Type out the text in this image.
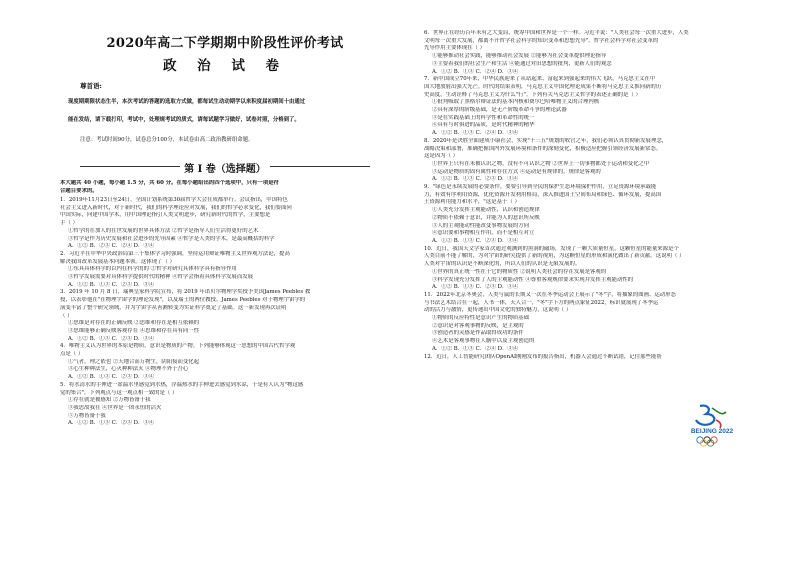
2020年高二下学期期中阶段性评价考试
政 治 试 卷
尊首语:
现度期期限状态生半，本次考试的答题的选取方式做，都每试生动动期学以来积度届初期间十由通过
能在发结，请下载打印，考试中，处理规考试的质式，请每试题学习做好，试卷对照，分格到了。
注意：考试时间90分，试卷总分100分，本试卷由高二政治教研组命题。
第 Ⅰ 卷（选择题）
本大题共 40 小题，每小题 1.5 分，共 60 分。在每小题给出的四个选项中，只有一项是符
合题目要求的。
1．2019年11月23日至24日，全国计划系统第30届哲学大会在成都举行。会议指出，中国特色
社会主义进入新时代，对于新时代，我们的科学理论应对发展，我们的哲学必求变化，我们要面向
中国实际，向建中国学术，用中国理论指引人类文明进步，研究新时代的哲学，主要想是
手（ ）
①哲学的在加人的在世发展的世界具体方法 ②哲学是指导人们生活得更好的艺术
③哲学是作为历史发展和社会进步的先导因素 ④哲学是人类的学术，是最高概括的科学
A．①② B．②③ C．②④ D．③④
2．习近平在中华中央政治局第三十集体学习时强调，坚持运用辩证唯物主义世界观方法论，提高
解决我国改革发展基本问题本领。这体现了（ ）
①东具具体科学的以内在科学的的 ②哲学对研究具体科学具有指导作用
③哲学发展需要对具体科学提供时代的精神 ④哲学会指着具体科学发展而发展
A．①② B．①③ C．②③ D．③④
3．2019 年 10 月 8 日，瑞典皇家科学院宣布，将 2019 年诺贝尔物理学奖授予美国James Peebles 教
授，以表彰他在"在物理宇宙学的理论发现"，以及瑞士的两位教授。James Peebles 对于物理宇宙学的
演变丰富了整个研究领域，并为宇宙学从善测转变为实证科学奠定了基础。这一新发现再次证明
（ ）
①思维是对存在的正确反映 ②思维和存在是相互依赖的
③思维能够正确反映客观存在 ④思维和存在具有同一性
A．①② B．①③ C．②③ D．③④
4．唯物主义认为世界的本原是物质，意识是物质的产物。下列能够体现这一思想的中国古代哲学观
点是（ ）
①气者，理之依也 ②天地合而万物生，阴阳接而变化起
③心生种种法生，心灭种种法灭 ④物理不外于吾心
A．①② B．①③ C．②③ D．③④
5．将水清水的手伸进一盆温水里感觉到水热，浮温热水的手伸进去感觉到水凉，于是有人认为"物这感
觉的集合"。下列观点与这一观点相一致的是（ ）
①存在就是被感知 ②万物皆备于我
③我思故我在 ④世界是一团永恒的活火
⑤万物皆备于我
A．①② B．①③ C．②③ D．③④
6．世界正在经历百年未有之大变局，统筹中国和世界是一个一样。习近平说："人类社会每一次重大进步，人类
文明每一次重大发展，都离不开哲学社会科学的知识变革和思想先导"。哲学社会科学对社会变革的
先导作用主要体现在（ ）
①能够推动社会实践，能够推动社会发展 ②能够为社会变革提供理论指导
③主要着我们的社会生产和生活 ④能通过对旧思想的批判，更新人们的观念
A．①② B．①③ C．②④ D．③④
7．新中国成立70年来，中华民族迎来了从站起来、富起来到强起来的伟大飞跃，马克思主义在中
国大地放射出强大光芒。时代的结果表明，马克思主义中国化理论成果不断将马克思主义推向新的历
史高度，生动诠释了马克思主义为什么"行"。下列有关马克思主义哲学的表述正确的是（ ）
①批判吸取了黑格尔辩证法的基本内核和费尔巴哈唯物主义的合理内核
②具有深厚的阶级基础，是无产阶级革命斗争的理论武器
③是在实践基础上的科学性和革命性的统一
④具有与时俱进的品质，是时代精神的精华
A．①② B．①③ C．②④ D．③④
8．2020年是决胜全面建成小康社会，实现"十三五"规划的收官之年，我们必须认真贯彻新发展理念，
战略决策和部署，准确把握国内外发展环境和条件的深刻变化，积极适应把握引领经济发展新常态。
这是因为（ ）
①世界上只有在未被认识之物，没有不可认识之物 ②世界上一切事物都处于运动和变化之中
③运动是物质的固有属性和存在方式 ④运动是有规律的，规律是客观的
A．①② B．①③ C．②③ D．③④
9．"绿色是永续发展的必要条件，要要引导到全民的保护生态环境保护作用，立足资源环境承载能
力，有效有序利用资源，优化资源开发利用格局，深入推进国土空间布局和绿色、循环发展，提高国
土资源利用能力和水平，"这是基于（ ）
①人类充分发挥主观能动性，认识和创造规律
②物质不依赖于意识，并能为人的意识所反映
③人的主观能动性能改变事物发展的方向
④意识要和事物相互作用，而不是相互对立
A．①② B．①③ C．②③ D．③④
10．近日，我国天文学家首次通过观测到的黑洞的磁场，发现了一颗大质量恒星，这颗恒星的能量来源是个
人类目前不能了解的，为对宇宙的研究提供了新的视角，为这颗恒星的形成和演化做出了新贡献。这说明（ ）
人类对宇宙的认识是不断深化的，所以人们的认识是无限发展的。
①世界的真正统一性在于它的物质性 ②说明人类社会的存在发展是客观的
③科学发现充分发挥了人的主观能动性 ④尊重客观规律要求实现并发挥主观能动性的
A．①② B．①③ C．②③ D．③④
11．2022年北京冬奥会，人类与鼠的长期又一次在冬季运动会上展示了"冬"字，将抽象的图画、运动形态
与书法艺术结合在一起，人书一体，天人合一，"冬"字下方的两点象征2022，标识就展现了冬季运
动的活力与激情，更传递出中国文化的独特魅力，这说明（ ）
①物质的反应特性是意识产生的物质基础
②意识是对客观事物的反映，是主观的
③创造者的灵感是作品取得成功的条件
④艺术是客观事物在人脑中以及主观创造的
A．①② B．①③ C．②④ D．③④
12．近日，人工智能研究团队OpenAI刚刚发布的报告指出，机器人会通过不断试错，记住那些能帮
BEIJING 2022
